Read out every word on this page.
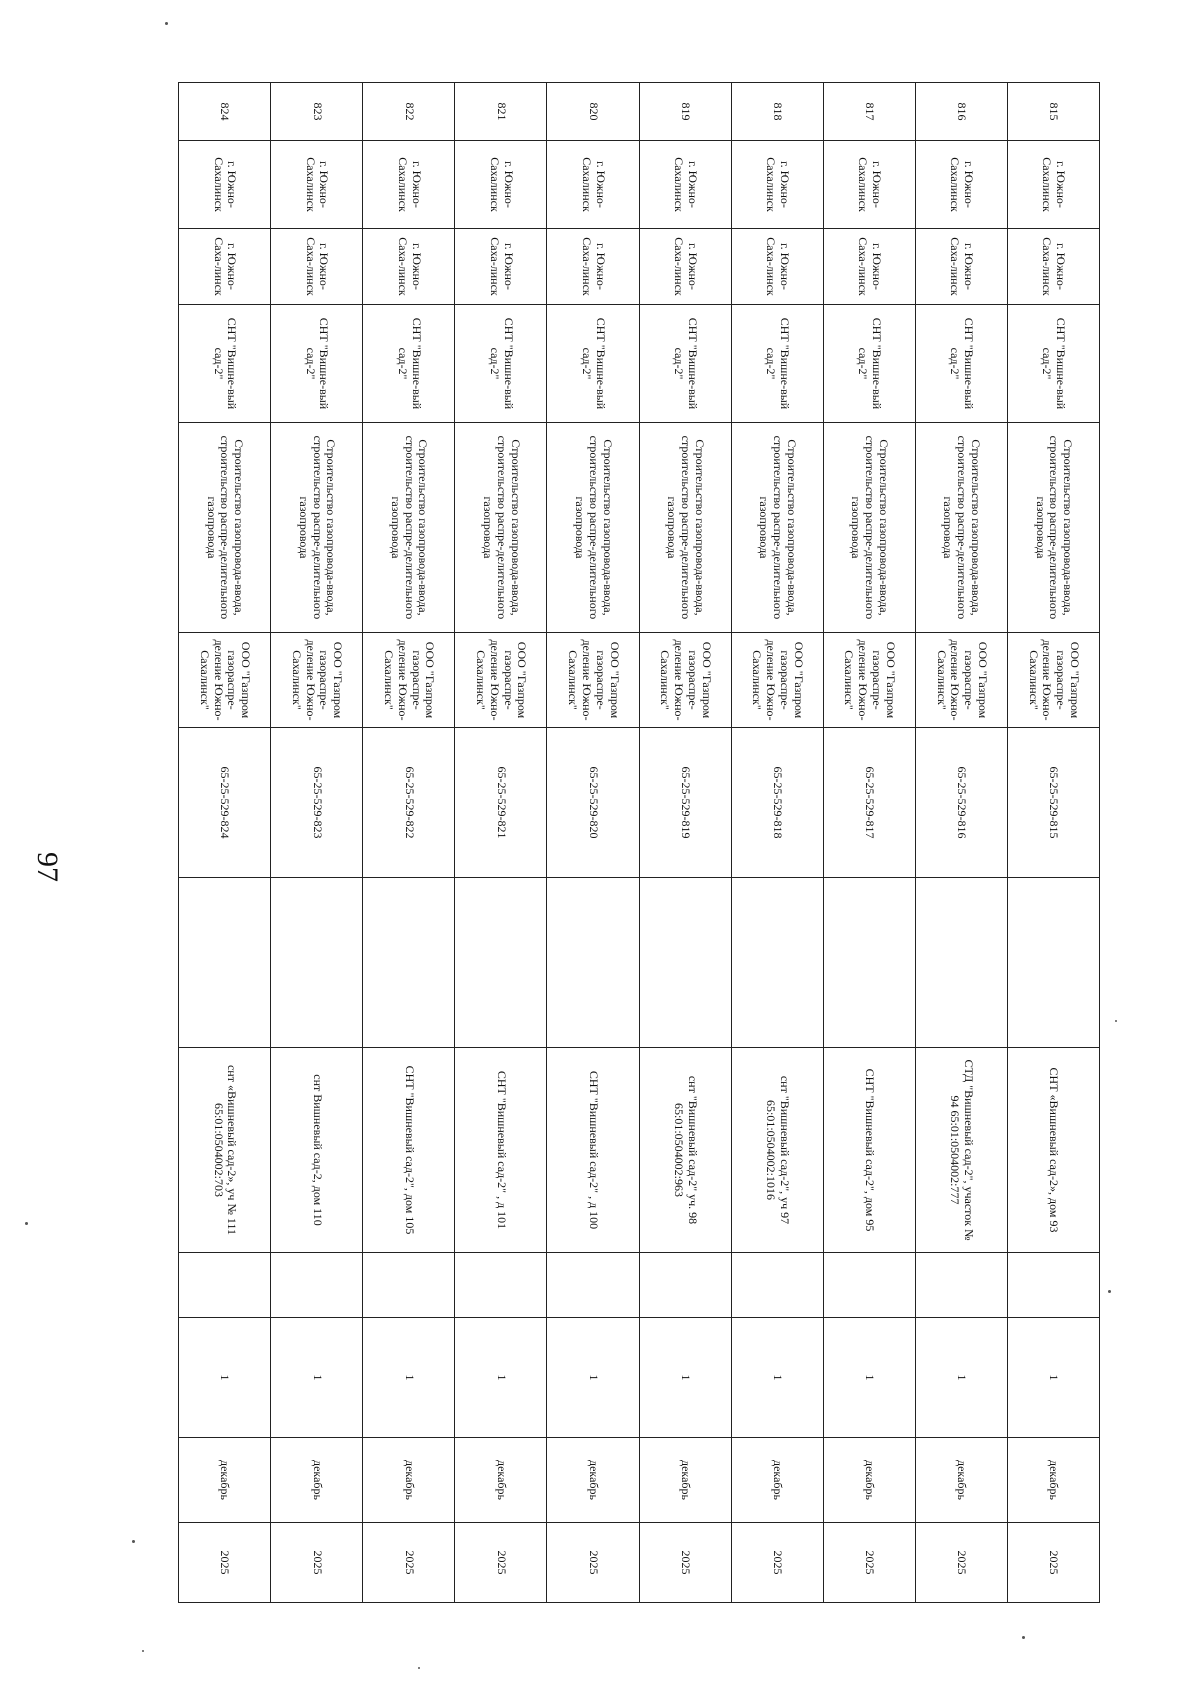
97
815	г. Южно-Сахалинск	г. Южно-Саха-линск	СНТ "Вишне-вый сад-2"	Строительство газопровода-ввода, строительство распре-делительного газопровода	ООО "Газпром газораспре-деление Южно-Сахалинск"	65-25-529-815		СНТ «Вишневый сад-2», дом 93		1	декабрь	2025
816	г. Южно-Сахалинск	г. Южно-Саха-линск	СНТ "Вишне-вый сад-2"	Строительство газопровода-ввода, строительство распре-делительного газопровода	ООО "Газпром газораспре-деление Южно-Сахалинск"	65-25-529-816		СТД "Вишневый сад-2", участок № 94 65:01:0504002:777		1	декабрь	2025
817	г. Южно-Сахалинск	г. Южно-Саха-линск	СНТ "Вишне-вый сад-2"	Строительство газопровода-ввода, строительство распре-делительного газопровода	ООО "Газпром газораспре-деление Южно-Сахалинск"	65-25-529-817		СНТ "Вишневый сад-2", дом 95		1	декабрь	2025
818	г. Южно-Сахалинск	г. Южно-Саха-линск	СНТ "Вишне-вый сад-2"	Строительство газопровода-ввода, строительство распре-делительного газопровода	ООО "Газпром газораспре-деление Южно-Сахалинск"	65-25-529-818		снт "Вишневый сад-2", уч 97 65:01:0504002:1016		1	декабрь	2025
819	г. Южно-Сахалинск	г. Южно-Саха-линск	СНТ "Вишне-вый сад-2"	Строительство газопровода-ввода, строительство распре-делительного газопровода	ООО "Газпром газораспре-деление Южно-Сахалинск"	65-25-529-819		снт "Вишневый сад-2" уч. 98 65:01:0504002:963		1	декабрь	2025
820	г. Южно-Сахалинск	г. Южно-Саха-линск	СНТ "Вишне-вый сад-2"	Строительство газопровода-ввода, строительство распре-делительного газопровода	ООО "Газпром газораспре-деление Южно-Сахалинск"	65-25-529-820		СНТ "Вишневый сад-2" , д 100		1	декабрь	2025
821	г. Южно-Сахалинск	г. Южно-Саха-линск	СНТ "Вишне-вый сад-2"	Строительство газопровода-ввода, строительство распре-делительного газопровода	ООО "Газпром газораспре-деление Южно-Сахалинск"	65-25-529-821		СНТ "Вишневый сад-2" , д 101		1	декабрь	2025
822	г. Южно-Сахалинск	г. Южно-Саха-линск	СНТ "Вишне-вый сад-2"	Строительство газопровода-ввода, строительство распре-делительного газопровода	ООО "Газпром газораспре-деление Южно-Сахалинск"	65-25-529-822		СНТ "Вишневый сад-2", дом 105		1	декабрь	2025
823	г. Южно-Сахалинск	г. Южно-Саха-линск	СНТ "Вишне-вый сад-2"	Строительство газопровода-ввода, строительство распре-делительного газопровода	ООО "Газпром газораспре-деление Южно-Сахалинск"	65-25-529-823		снт Вишневый сад-2, дом 110		1	декабрь	2025
824	г. Южно-Сахалинск	г. Южно-Саха-линск	СНТ "Вишне-вый сад-2"	Строительство газопровода-ввода, строительство распре-делительного газопровода	ООО "Газпром газораспре-деление Южно-Сахалинск"	65-25-529-824		снт «Вишневый сад-2», уч № 111 65:01:0504002:703		1	декабрь	2025
